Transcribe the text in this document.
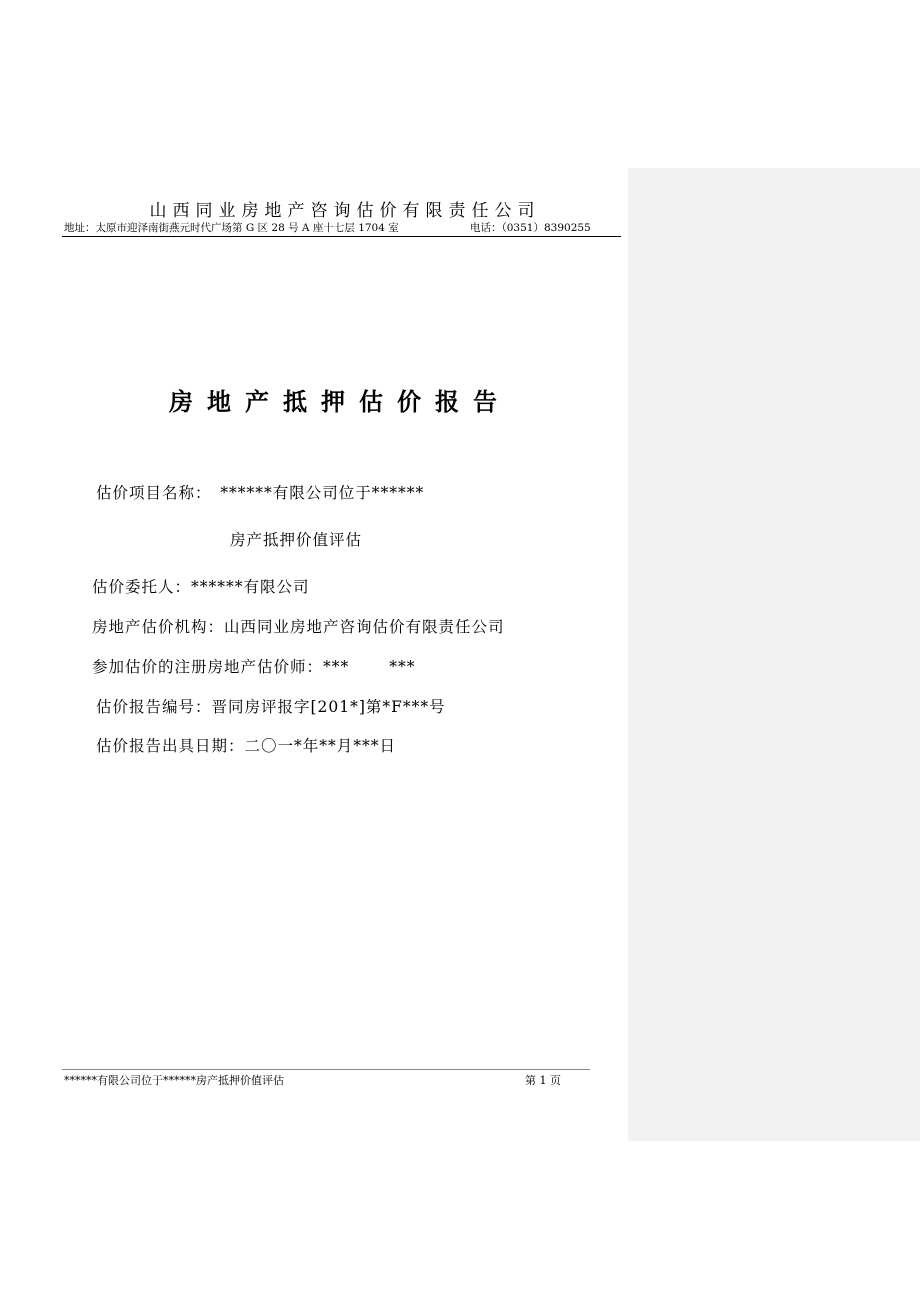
山西同业房地产咨询估价有限责任公司
地址：太原市迎泽南街燕元时代广场第 G 区 28 号 A 座十七层 1704 室	电话：（0351）8390255
房地产抵押估价报告
估价项目名称：　******有限公司位于******
房产抵押价值评估
估价委托人：******有限公司
房地产估价机构：山西同业房地产咨询估价有限责任公司
参加估价的注册房地产估价师：***	***
估价报告编号：晋同房评报字[201*]第*F***号
估价报告出具日期：二〇一*年**月***日
******有限公司位于******房产抵押价值评估	第 1 页
